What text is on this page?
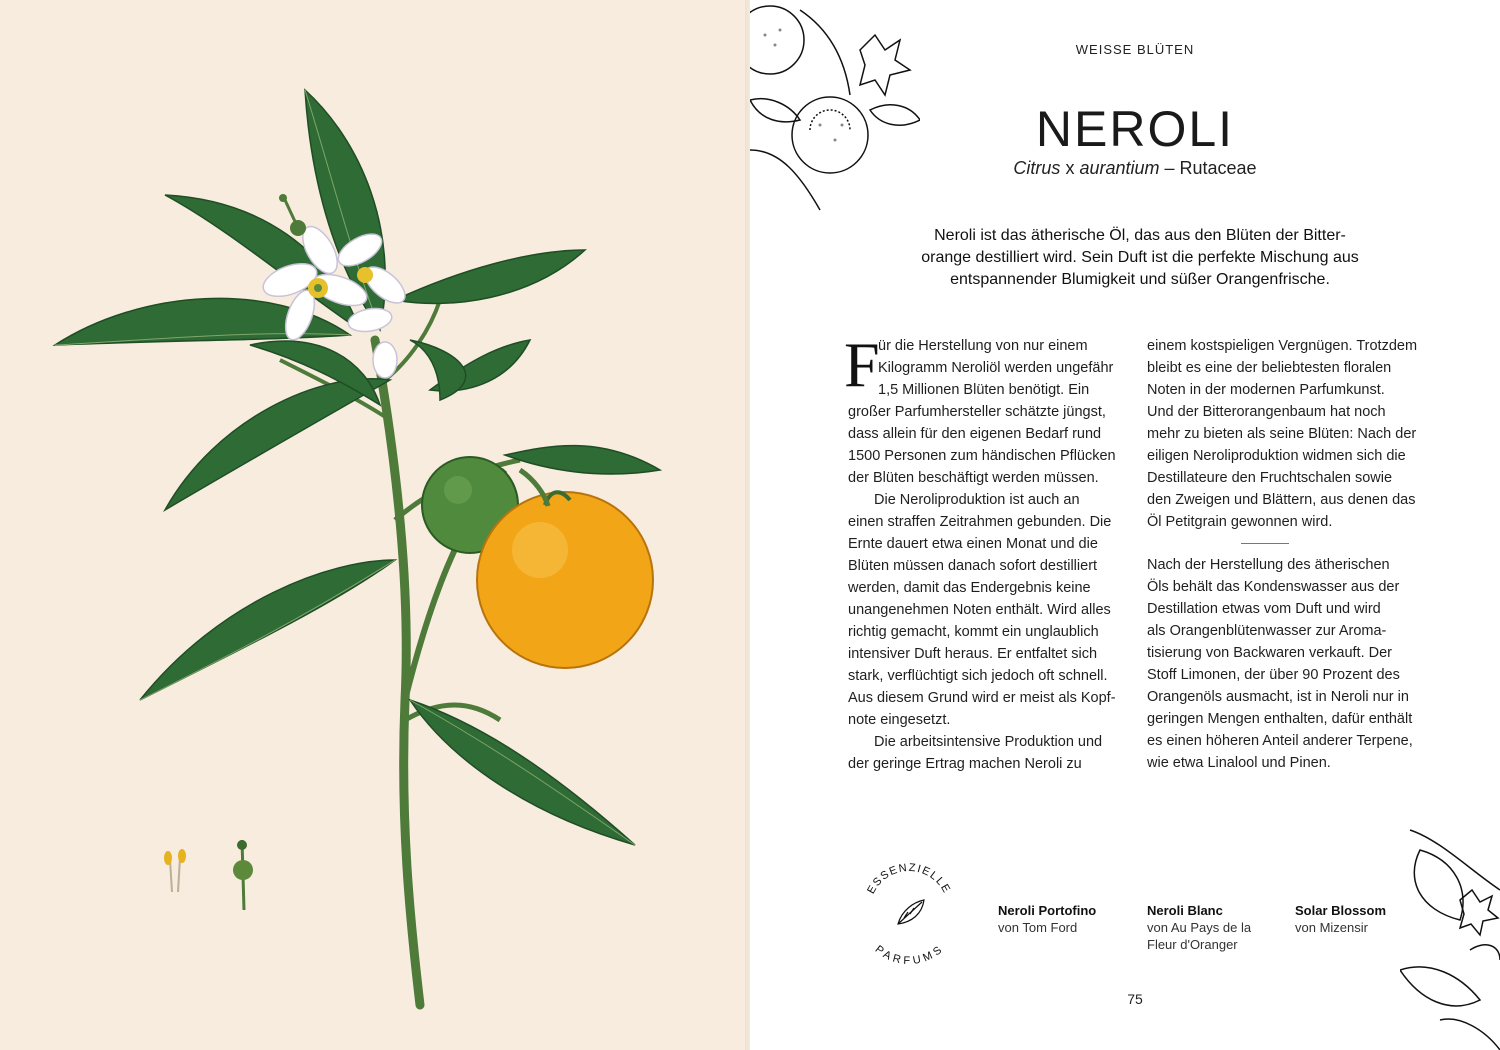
WEISSE BLÜTEN
NEROLI
Citrus x aurantium – Rutaceae
Neroli ist das ätherische Öl, das aus den Blüten der Bitter-
orange destilliert wird. Sein Duft ist die perfekte Mischung aus
entspannender Blumigkeit und süßer Orangenfrische.
F
ür die Herstellung von nur einem
Kilogramm Neroliöl werden ungefähr
1,5 Millionen Blüten benötigt. Ein
großer Parfumhersteller schätzte jüngst,
dass allein für den eigenen Bedarf rund
1500 Personen zum händischen Pflücken
der Blüten beschäftigt werden müssen.
Die Neroliproduktion ist auch an
einen straffen Zeitrahmen gebunden. Die
Ernte dauert etwa einen Monat und die
Blüten müssen danach sofort destilliert
werden, damit das Endergebnis keine
unangenehmen Noten enthält. Wird alles
richtig gemacht, kommt ein unglaublich
intensiver Duft heraus. Er entfaltet sich
stark, verflüchtigt sich jedoch oft schnell.
Aus diesem Grund wird er meist als Kopf-
note eingesetzt.
Die arbeitsintensive Produktion und
der geringe Ertrag machen Neroli zu
einem kostspieligen Vergnügen. Trotzdem
bleibt es eine der beliebtesten floralen
Noten in der modernen Parfumkunst.
Und der Bitterorangenbaum hat noch
mehr zu bieten als seine Blüten: Nach der
eiligen Neroliproduktion widmen sich die
Destillateure den Fruchtschalen sowie
den Zweigen und Blättern, aus denen das
Öl Petitgrain gewonnen wird.
Nach der Herstellung des ätherischen
Öls behält das Kondenswasser aus der
Destillation etwas vom Duft und wird
als Orangenblütenwasser zur Aroma-
tisierung von Backwaren verkauft. Der
Stoff Limonen, der über 90 Prozent des
Orangenöls ausmacht, ist in Neroli nur in
geringen Mengen enthalten, dafür enthält
es einen höheren Anteil anderer Terpene,
wie etwa Linalool und Pinen.
ESSENZIELLE
PARFUMS
Neroli Portofino
von Tom Ford
Neroli Blanc
von Au Pays de la
Fleur d'Oranger
Solar Blossom
von Mizensir
75
